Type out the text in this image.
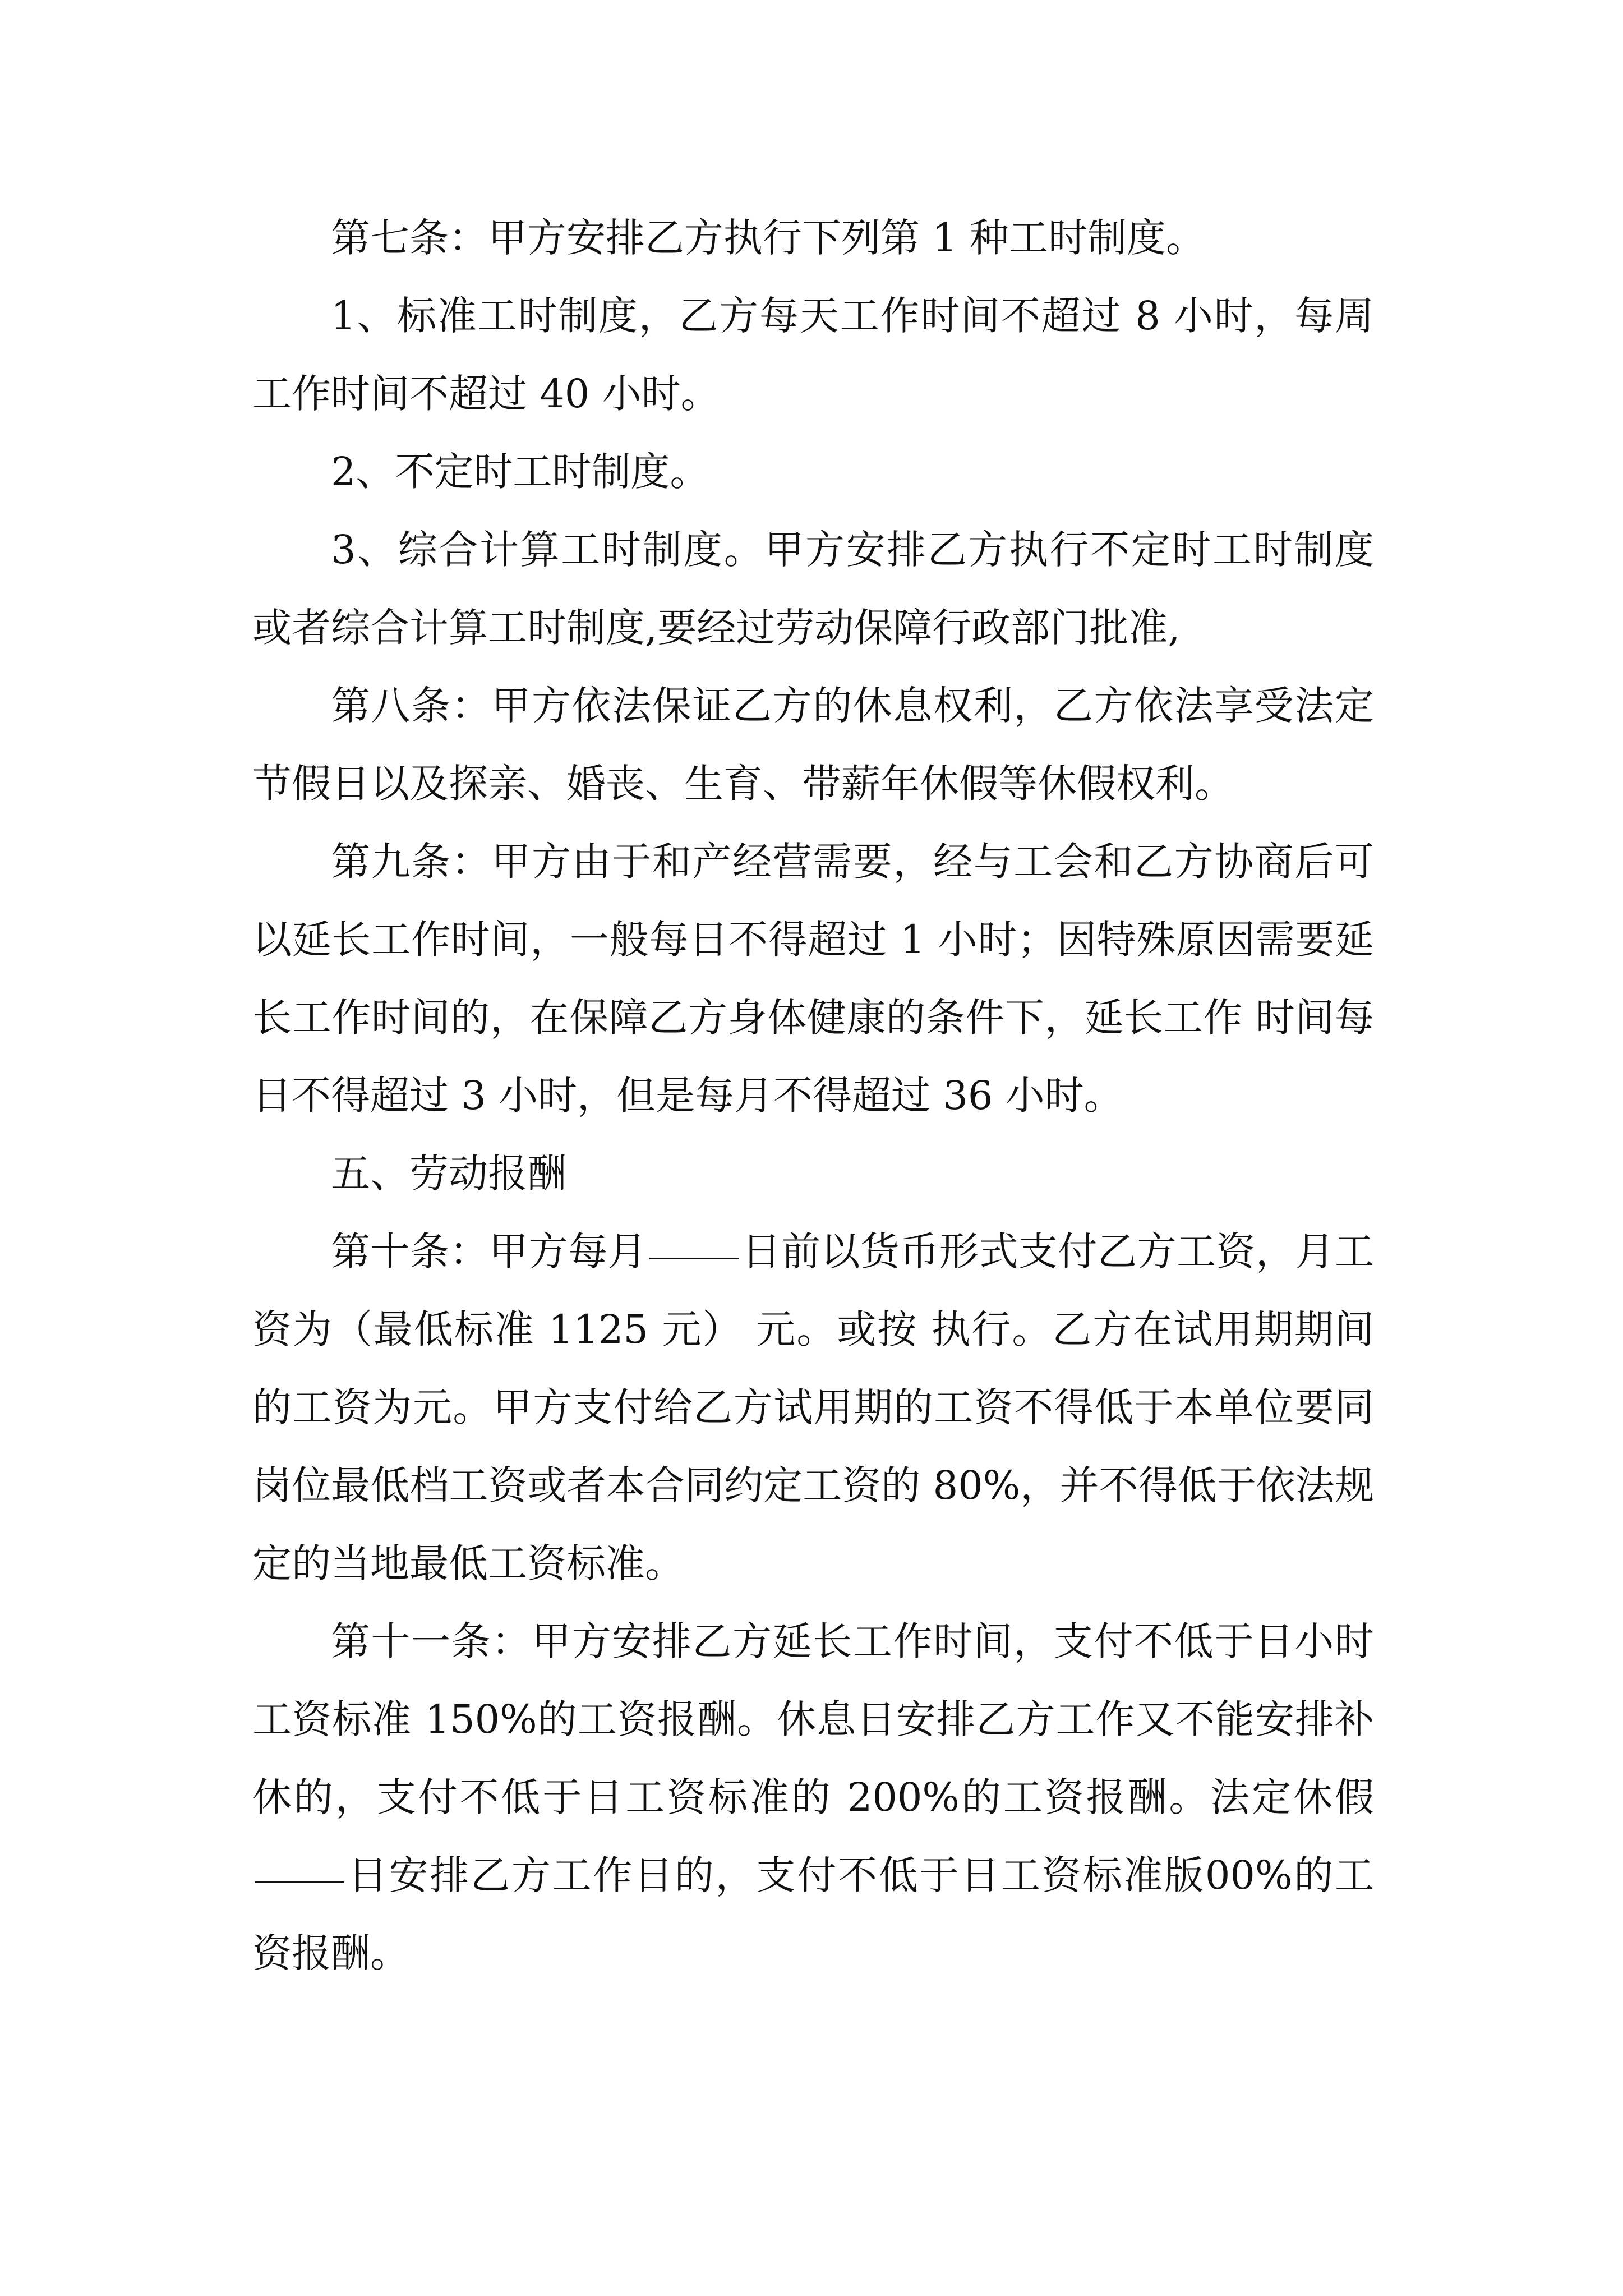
第七条：甲方安排乙方执行下列第 1 种工时制度。

1、标准工时制度，乙方每天工作时间不超过 8 小时，每周工作时间不超过 40 小时。

2、不定时工时制度。

3、综合计算工时制度。甲方安排乙方执行不定时工时制度或者综合计算工时制度,要经过劳动保障行政部门批准,

第八条：甲方依法保证乙方的休息权利，乙方依法享受法定节假日以及探亲、婚丧、生育、带薪年休假等休假权利。

第九条：甲方由于和产经营需要，经与工会和乙方协商后可以延长工作时间，一般每日不得超过 1 小时；因特殊原因需要延长工作时间的，在保障乙方身体健康的条件下，延长工作 时间每日不得超过 3 小时，但是每月不得超过 36 小时。

五、劳动报酬

第十条：甲方每月 日前以货币形式支付乙方工资，月工资为（最低标准 1125 元） 元。或按 执行。乙方在试用期期间的工资为元。甲方支付给乙方试用期的工资不得低于本单位要同岗位最低档工资或者本合同约定工资的 80%，并不得低于依法规定的当地最低工资标准。

第十一条：甲方安排乙方延长工作时间，支付不低于日小时工资标准 150%的工资报酬。休息日安排乙方工作又不能安排补休的，支付不低于日工资标准的 200%的工资报酬。法定休假日安排乙方工作日的，支付不低于日工资标准版00%的工资报酬。
